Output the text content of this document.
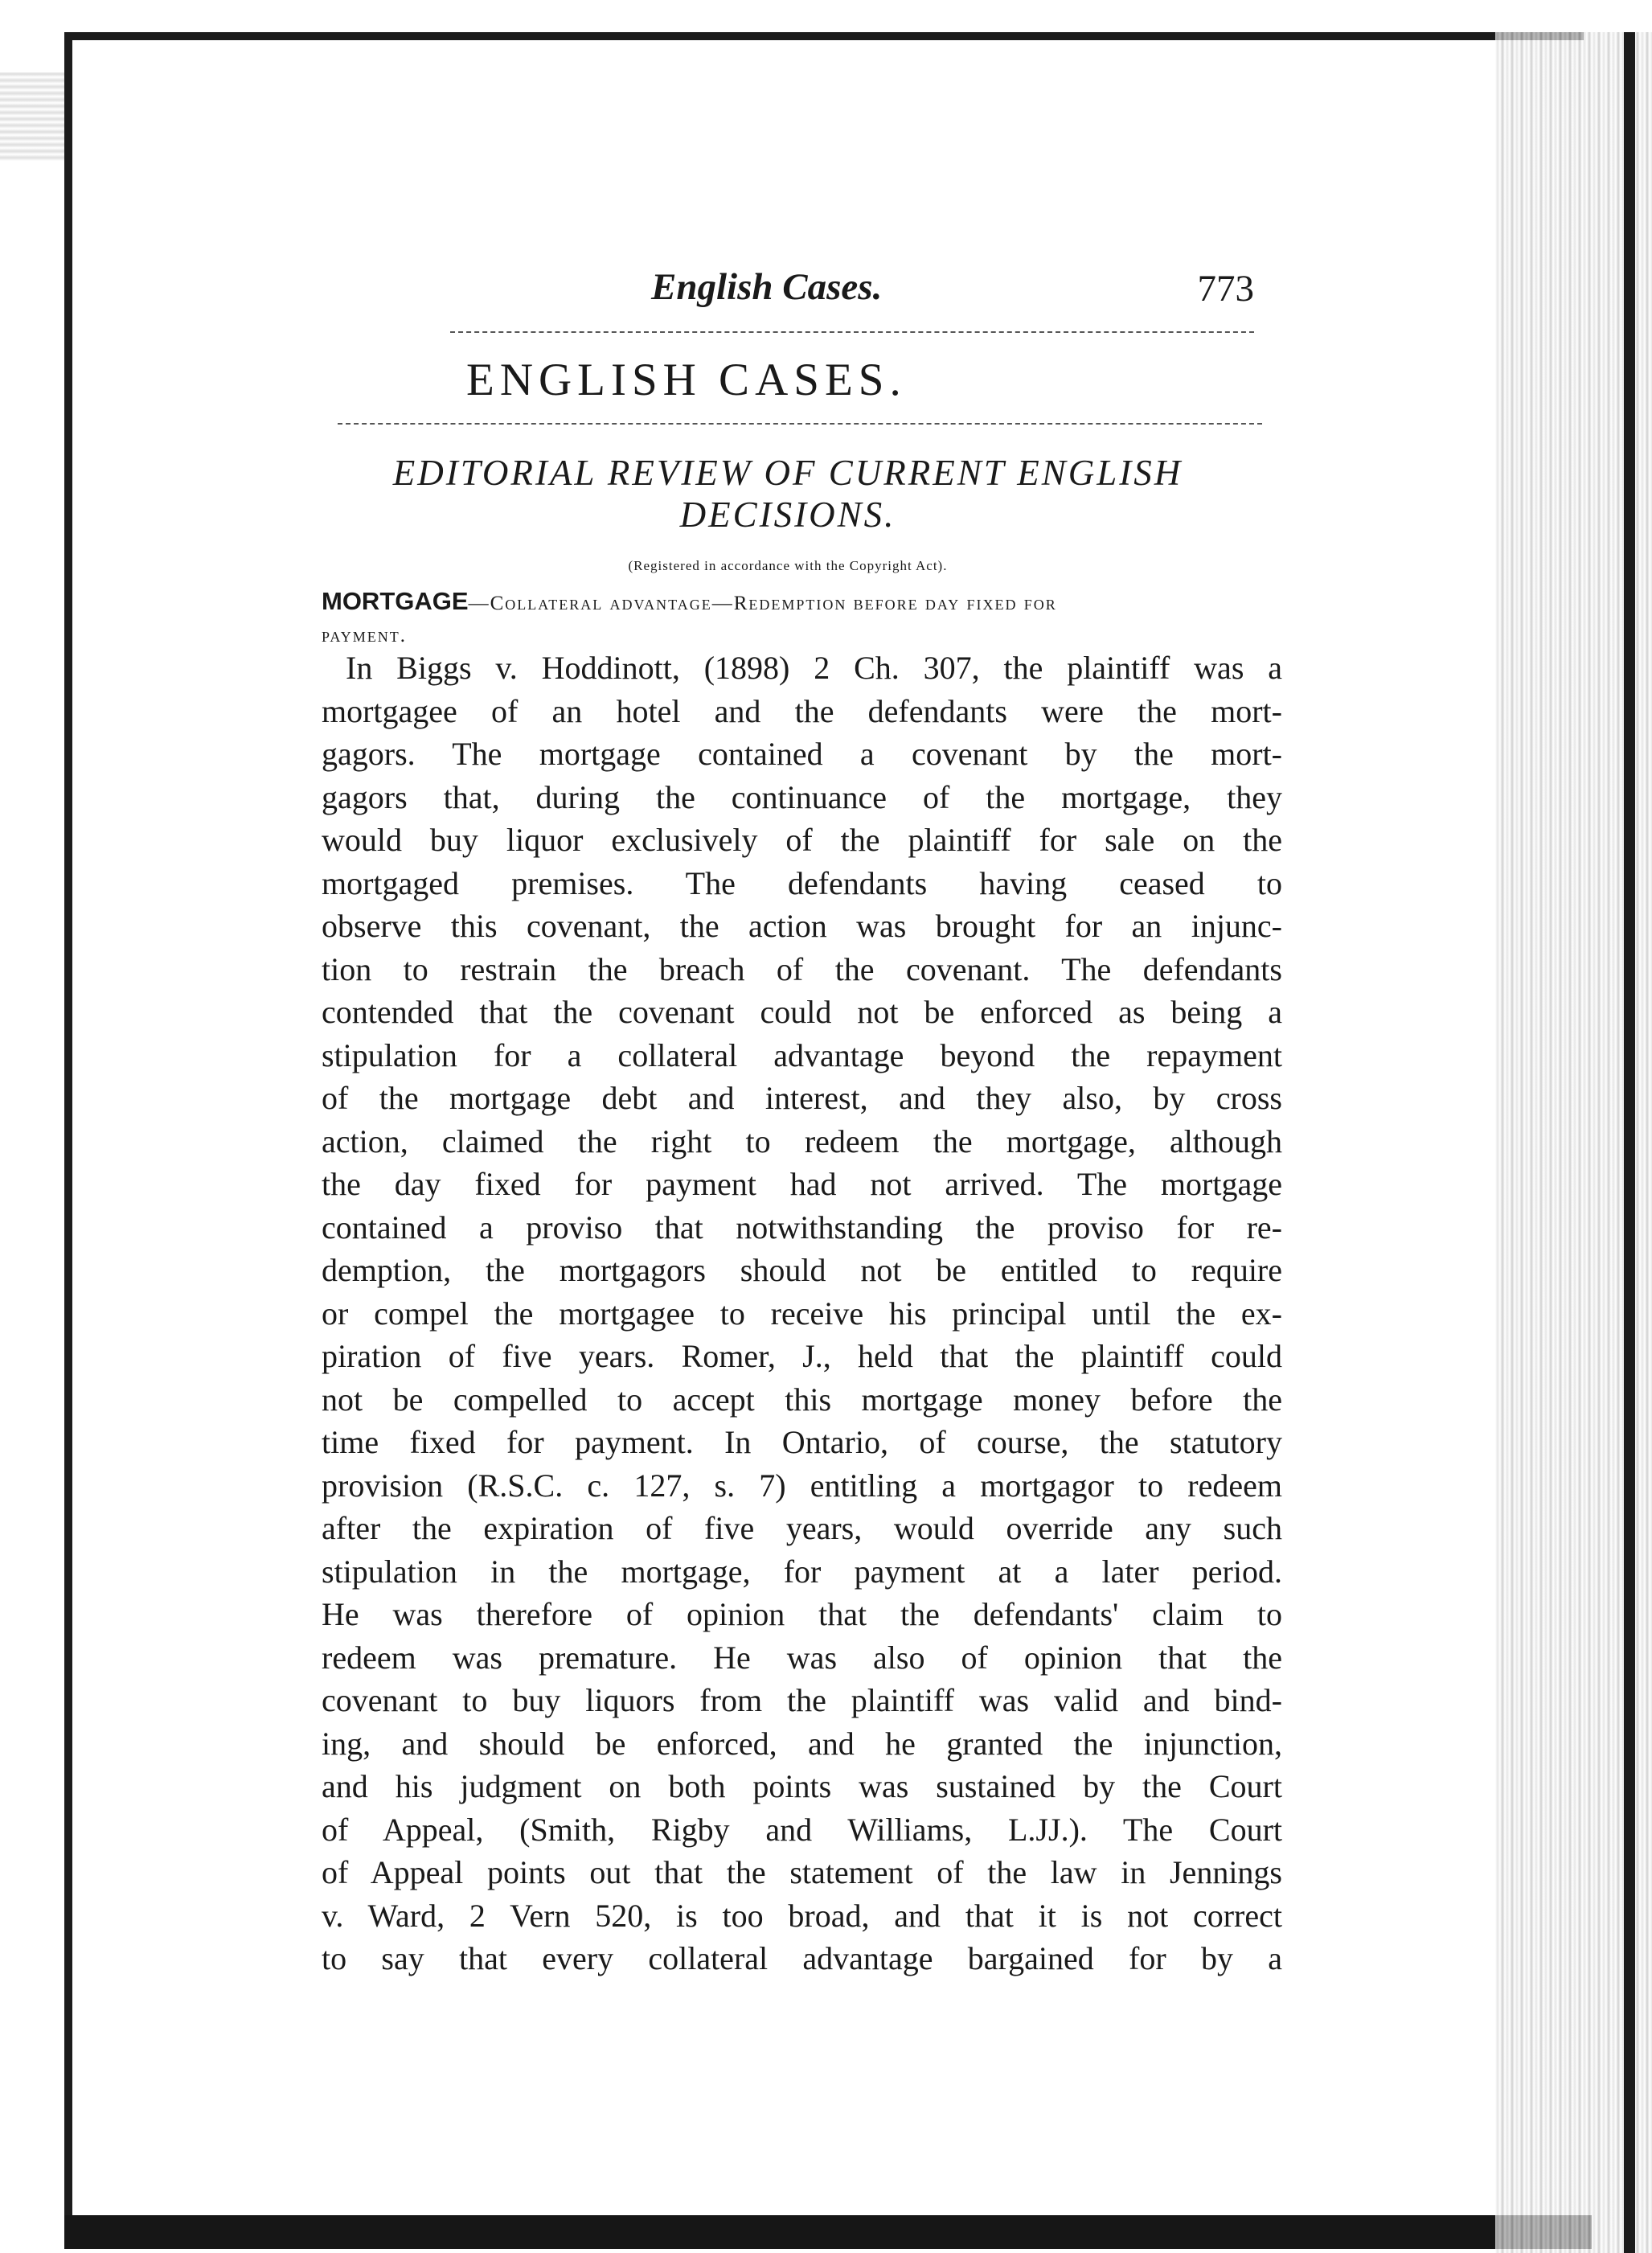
English Cases.	773
ENGLISH CASES.
EDITORIAL REVIEW OF CURRENT ENGLISH
DECISIONS.
(Registered in accordance with the Copyright Act).
MORTGAGE—Collateral advantage—Redemption before day fixed for
payment.
In Biggs v. Hoddinott, (1898) 2 Ch. 307, the plaintiff was a
mortgagee of an hotel and the defendants were the mort-
gagors. The mortgage contained a covenant by the mort-
gagors that, during the continuance of the mortgage, they
would buy liquor exclusively of the plaintiff for sale on the
mortgaged premises. The defendants having ceased to
observe this covenant, the action was brought for an injunc-
tion to restrain the breach of the covenant. The defendants
contended that the covenant could not be enforced as being a
stipulation for a collateral advantage beyond the repayment
of the mortgage debt and interest, and they also, by cross
action, claimed the right to redeem the mortgage, although
the day fixed for payment had not arrived. The mortgage
contained a proviso that notwithstanding the proviso for re-
demption, the mortgagors should not be entitled to require
or compel the mortgagee to receive his principal until the ex-
piration of five years. Romer, J., held that the plaintiff could
not be compelled to accept this mortgage money before the
time fixed for payment. In Ontario, of course, the statutory
provision (R.S.C. c. 127, s. 7) entitling a mortgagor to redeem
after the expiration of five years, would override any such
stipulation in the mortgage, for payment at a later period.
He was therefore of opinion that the defendants' claim to
redeem was premature. He was also of opinion that the
covenant to buy liquors from the plaintiff was valid and bind-
ing, and should be enforced, and he granted the injunction,
and his judgment on both points was sustained by the Court
of Appeal, (Smith, Rigby and Williams, L.JJ.). The Court
of Appeal points out that the statement of the law in Jennings
v. Ward, 2 Vern 520, is too broad, and that it is not correct
to say that every collateral advantage bargained for by a
